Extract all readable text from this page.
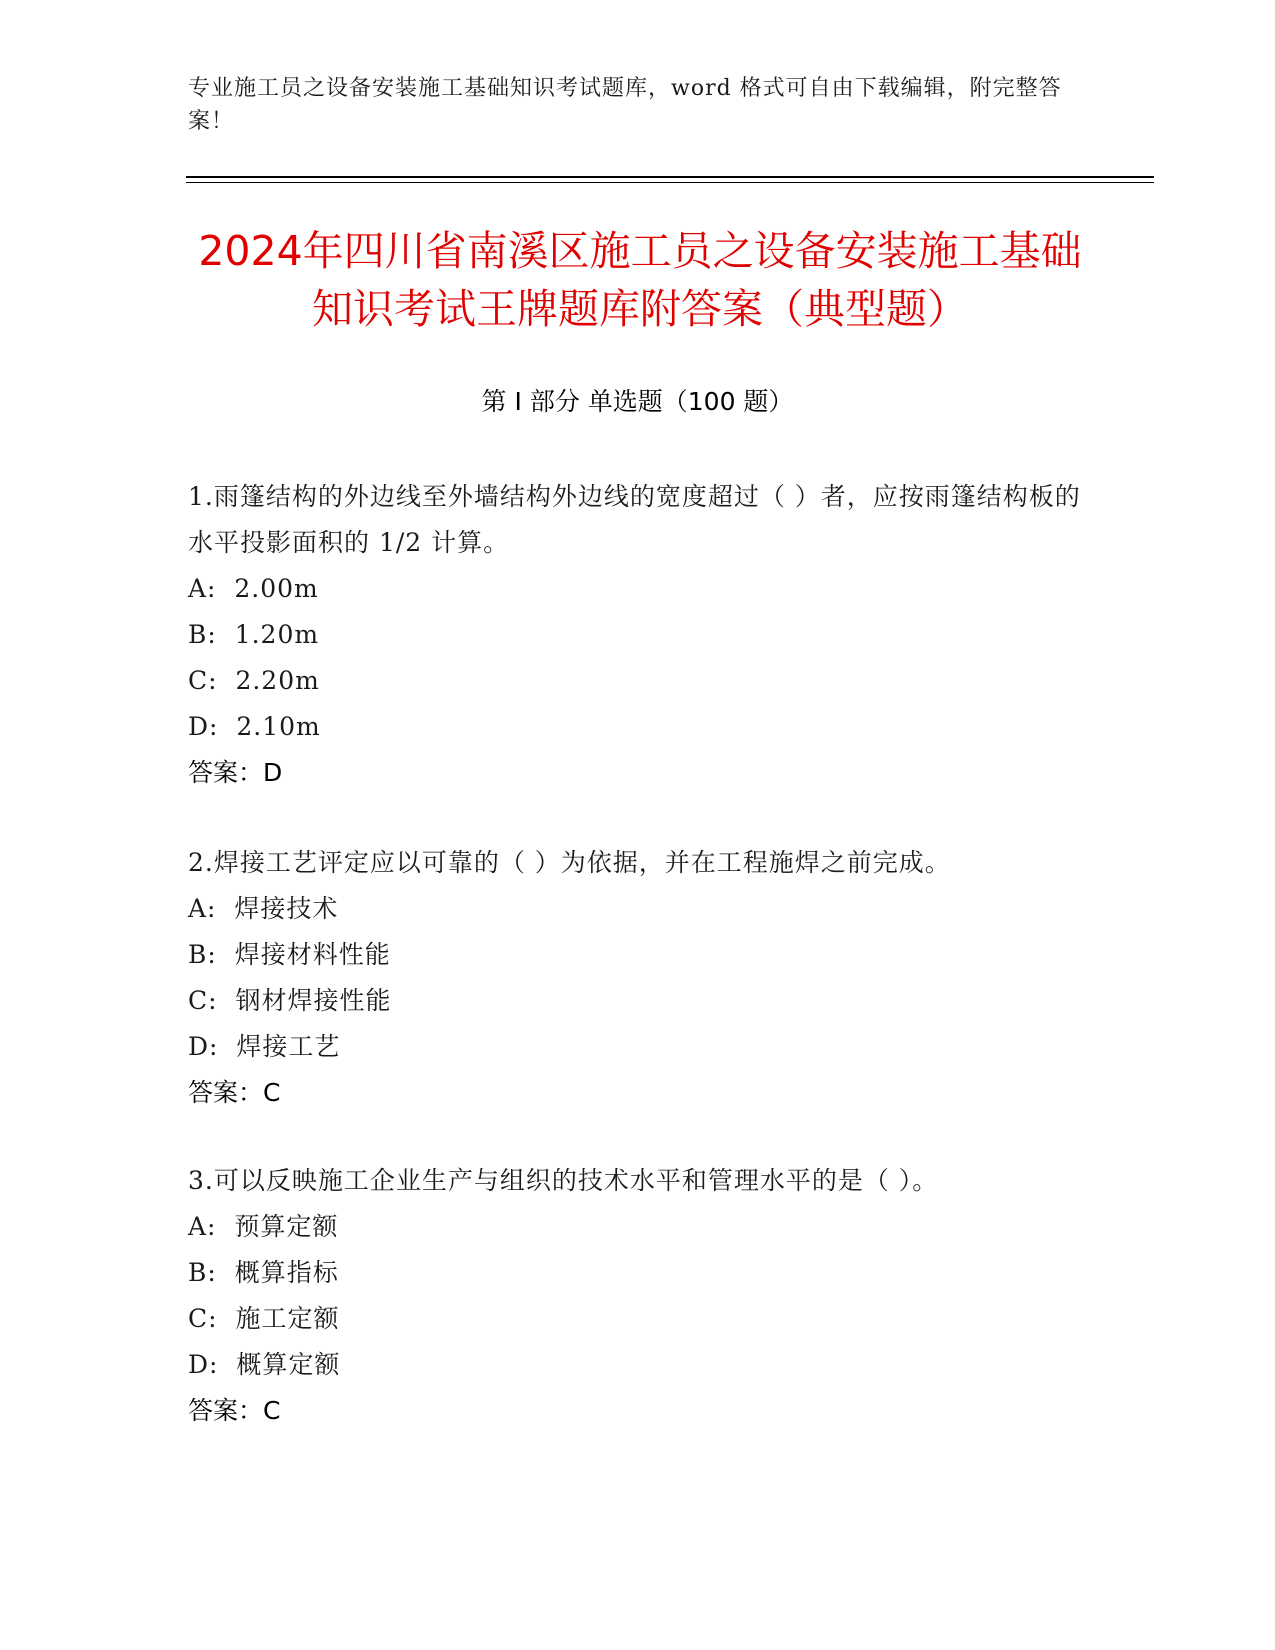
专业施工员之设备安装施工基础知识考试题库，word 格式可自由下载编辑，附完整答案！
2024年四川省南溪区施工员之设备安装施工基础知识考试王牌题库附答案（典型题）
第 I 部分 单选题（100 题）

1.雨篷结构的外边线至外墙结构外边线的宽度超过（ ）者，应按雨篷结构板的水平投影面积的 1/2 计算。

A:  2.00m

B:  1.20m

C:  2.20m

D:  2.10m

答案：D

2.焊接工艺评定应以可靠的（ ）为依据，并在工程施焊之前完成。

A:  焊接技术

B:  焊接材料性能

C:  钢材焊接性能

D:  焊接工艺

答案：C

3.可以反映施工企业生产与组织的技术水平和管理水平的是（ ）。

A:  预算定额

B:  概算指标

C:  施工定额

D:  概算定额

答案：C
